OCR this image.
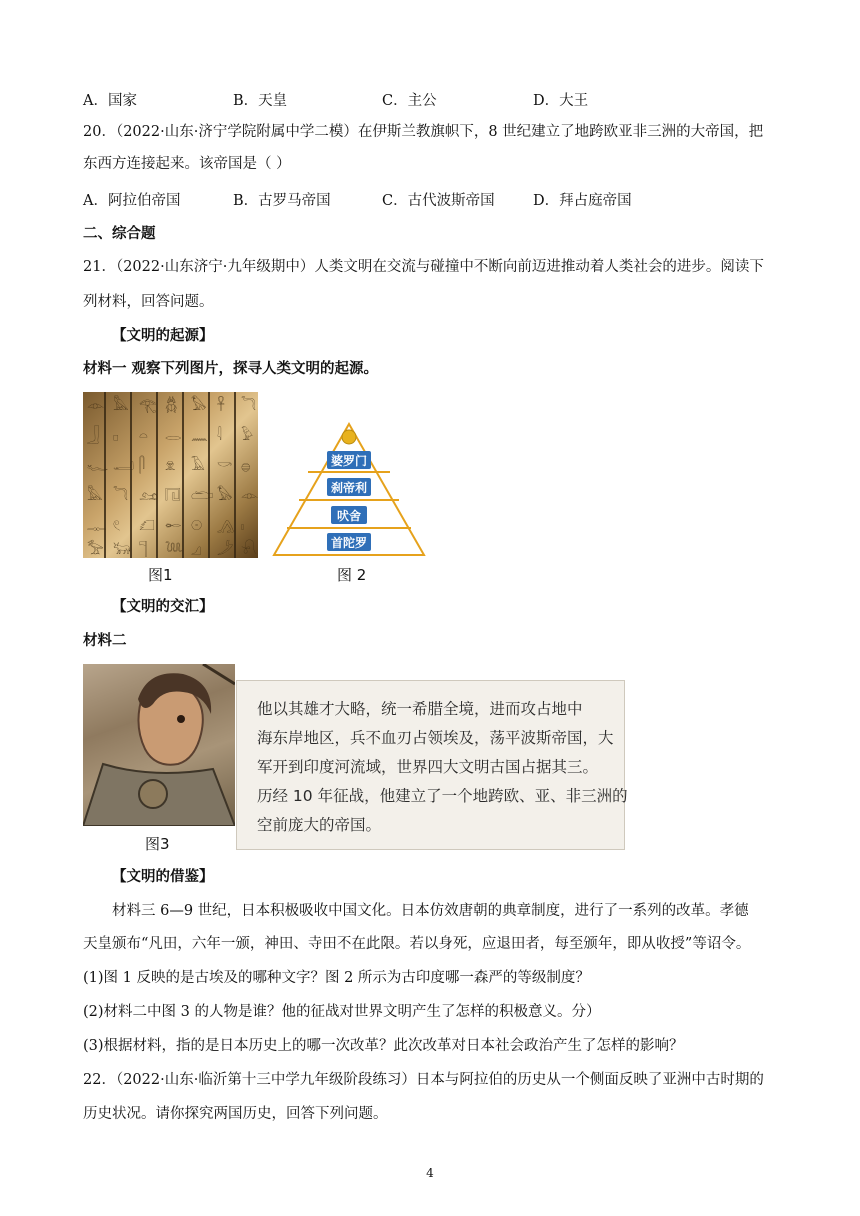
A．国家	B．天皇	C．主公	D．大王
20．（2022·山东·济宁学院附属中学二模）在伊斯兰教旗帜下，8 世纪建立了地跨欧亚非三洲的大帝国，把
东西方连接起来。该帝国是（ ）
A．阿拉伯帝国	B．古罗马帝国	C．古代波斯帝国	D．拜占庭帝国
二、综合题
21．（2022·山东济宁·九年级期中）人类文明在交流与碰撞中不断向前迈进推动着人类社会的进步。阅读下
列材料，回答问题。
【文明的起源】
材料一 观察下列图片，探寻人类文明的起源。
𓁹 𓅓 𓂀 𓆣 𓅃 𓋹 𓆓
𓃀 𓊪 𓏏 𓂋 𓈖 𓇋 𓅱
𓆑 𓂝 𓋴 𓁷 𓄿 𓎡 𓐍
𓅓 𓆓 𓃭 𓉔 𓂧 𓅃 𓁹
𓊃 𓏲 𓆎 𓄡 𓇳 𓂻 𓏤
𓅡 𓃒 𓊹 𓆙 𓈎 𓌳 𓍯
图1
婆罗门
刹帝利
吠舍
首陀罗
图 2
【文明的交汇】
材料二
图3
他以其雄才大略，统一希腊全境，进而攻占地中
海东岸地区，兵不血刃占领埃及，荡平波斯帝国，大
军开到印度河流域，世界四大文明古国占据其三。
历经 10 年征战，他建立了一个地跨欧、亚、非三洲的
空前庞大的帝国。
【文明的借鉴】
材料三 6—9 世纪，日本积极吸收中国文化。日本仿效唐朝的典章制度，进行了一系列的改革。孝德
天皇颁布“凡田，六年一颁，神田、寺田不在此限。若以身死，应退田者，每至颁年，即从收授”等诏令。
(1)图 1 反映的是古埃及的哪种文字？图 2 所示为古印度哪一森严的等级制度？
(2)材料二中图 3 的人物是谁？他的征战对世界文明产生了怎样的积极意义。分）
(3)根据材料，指的是日本历史上的哪一次改革？此次改革对日本社会政治产生了怎样的影响？
22．（2022·山东·临沂第十三中学九年级阶段练习）日本与阿拉伯的历史从一个侧面反映了亚洲中古时期的
历史状况。请你探究两国历史，回答下列问题。
4
